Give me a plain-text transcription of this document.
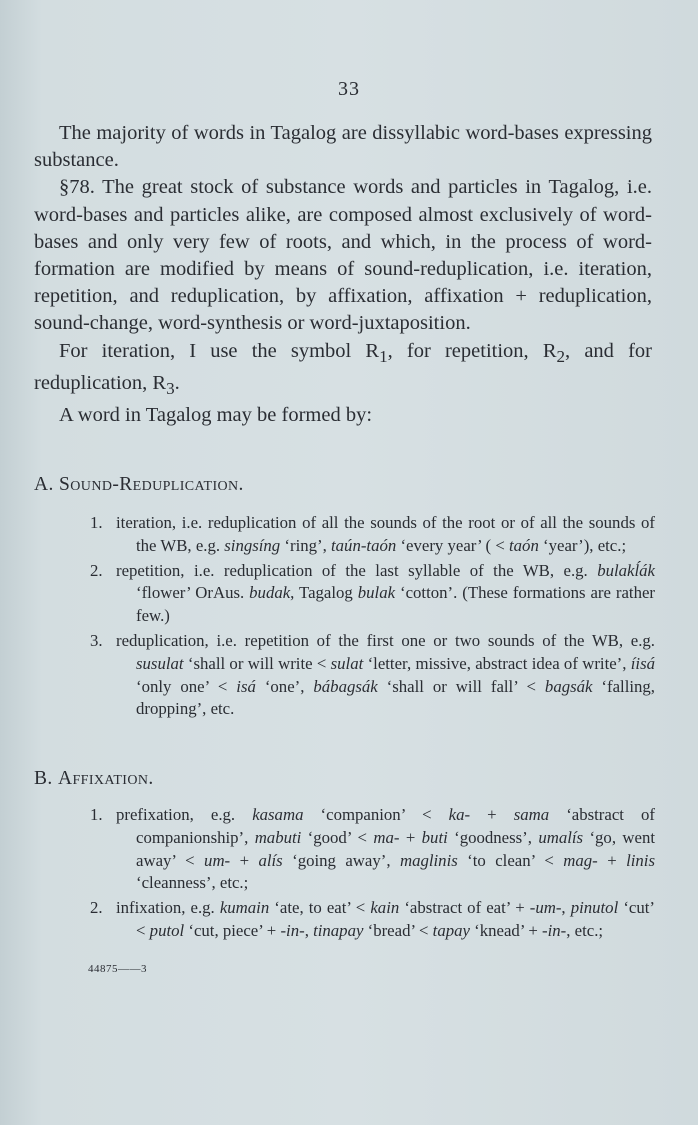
33

The majority of words in Tagalog are dissyllabic word-bases expressing substance.

§78. The great stock of substance words and particles in Tagalog, i.e. word-bases and particles alike, are composed almost exclusively of word-bases and only very few of roots, and which, in the process of word-formation are modified by means of sound-reduplication, i.e. iteration, repetition, and reduplication, by affixation, affixation + reduplication, sound-change, word-synthesis or word-juxtaposition.

For iteration, I use the symbol $R_1$, for repetition, $R_2$, and for reduplication, $R_3$.

A word in Tagalog may be formed by:

A. Sound-Reduplication.
1. iteration, i.e. reduplication of all the sounds of the root or of all the sounds of the WB, e.g. singsíng ‘ring’, taún-taón ‘every year’ ( < taón ‘year’), etc.;
2. repetition, i.e. reduplication of the last syllable of the WB, e.g. bulakĺák ‘flower’ OrAus. budak, Tagalog bulak ‘cotton’. (These formations are rather few.)
3. reduplication, i.e. repetition of the first one or two sounds of the WB, e.g. susulat ‘shall or will write < sulat ‘letter, missive, abstract idea of write’, íisá ‘only one’ < isá ‘one’, bábagsák ‘shall or will fall’ < bagsák ‘falling, dropping’, etc.
B. Affixation.
1. prefixation, e.g. kasama ‘companion’ < ka- + sama ‘abstract of companionship’, mabuti ‘good’ < ma- + buti ‘goodness’, umalís ‘go, went away’ < um- + alís ‘going away’, maglinis ‘to clean’ < mag- + linis ‘cleanness’, etc.;
2. infixation, e.g. kumain ‘ate, to eat’ < kain ‘abstract of eat’ + -um-, pinutol ‘cut’ < putol ‘cut, piece’ + -in-, tinapay ‘bread’ < tapay ‘knead’ + -in-, etc.;
44875——3
